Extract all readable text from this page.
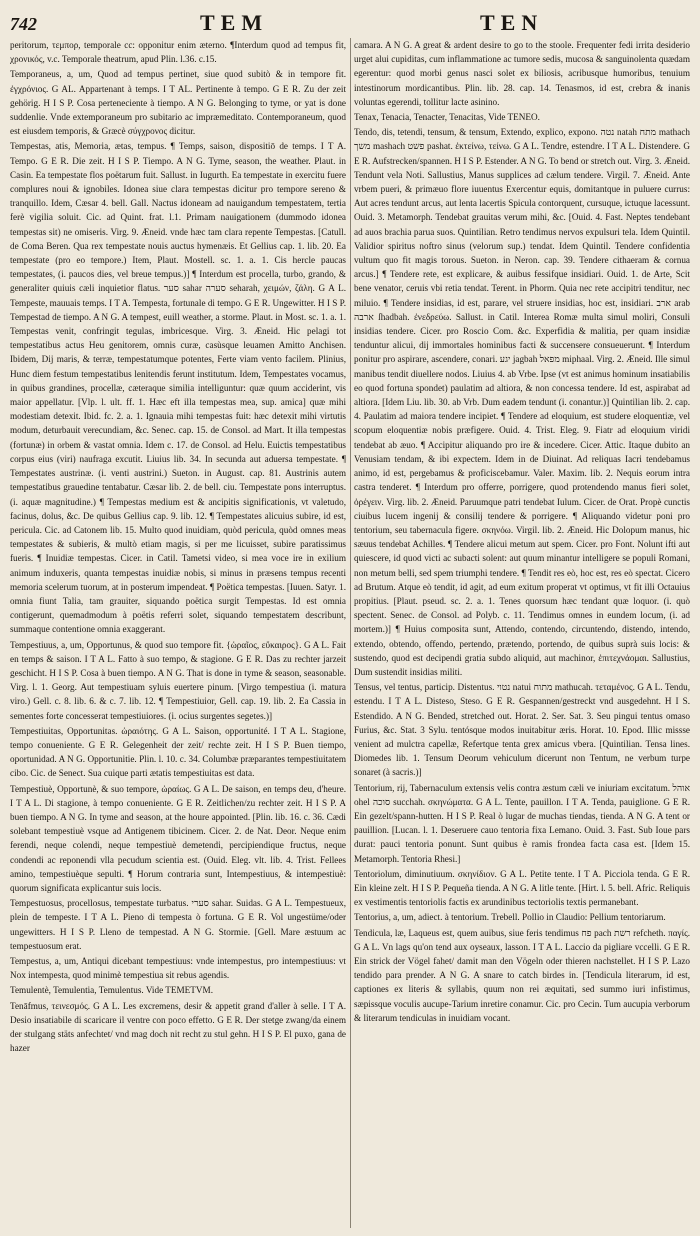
742	TEM	TEN

peritorum, τεμπορ, temporale cc: opponitur enim æterno. ¶Interdum quod ad tempus fit, χρονικός, v.c. Temporale theatrum, apud Plin. l.36. c.15.

Temporaneus, a, um, Quod ad tempus pertinet, siue quod subitò & in tempore fit. ἐγχρόνιος. G AL. Appartenant à temps. I T AL. Pertinente à tempo. G E R. Zu der zeit gehörig. H I S P. Cosa perteneciente à tiempo. A N G. Belonging to tyme, or yat is done suddenlie. Vnde extemporaneum pro subitario ac impræmeditato. Contemporaneum, quod est eiusdem temporis, & Græcè σύγχρονος dicitur.

Tempestas, atis, Memoria, ætas, tempus. ¶ Temps, saison, dispositiō de temps. I T A. Tempo. G E R. Die zeit. H I S P. Tiempo. A N G. Tyme, season, the weather. Plaut. in Casin. Ea tempestate flos poëtarum fuit. Sallust. in Iugurth. Ea tempestate in exercitu fuere complures noui & ignobiles. Idonea siue clara tempestas dicitur pro tempore sereno & tranquillo. Idem, Cæsar 4. bell. Gall. Nactus idoneam ad nauigandum tempestatem, tertia ferè vigilia soluit. Cic. ad Quint. frat. l.1. Primam nauigationem (dummodo idonea tempestas sit) ne omiseris. Virg. 9. Æneid. vnde hæc tam clara repente Tempestas. [Catull. de Coma Beren. Qua rex tempestate nouis auctus hymenæis. Et Gellius cap. 1. lib. 20. Ea tempestate (pro eo tempore.) Item, Plaut. Mostell. sc. 1. a. 1. Cis hercle paucas tempestates, (i. paucos dies, vel breue tempus.)] ¶ Interdum est procella, turbo, grando, & generaliter quiuis cæli inquietior flatus. סער sahar סערה seharah, χειμών, ζάλη. G A L. Tempeste, mauuais temps. I T A. Tempesta, fortunale di tempo. G E R. Ungewitter. H I S P. Tempestad de tiempo. A N G. A tempest, euill weather, a storme. Plaut. in Most. sc. 1. a. 1. Tempestas venit, confringit tegulas, imbricesque. Virg. 3. Æneid. Hic pelagi tot tempestatibus actus Heu genitorem, omnis curæ, casùsque leuamen Amitto Anchisen. Ibidem, Dij maris, & terræ, tempestatumque potentes, Ferte viam vento facilem. Plinius, Hunc diem festum tempestatibus lenitendis ferunt institutum. Idem, Tempestates vocamus, in quibus grandines, procellæ, cæteraque similia intelliguntur: quæ quum acciderint, vis maior appellatur. [Vlp. l. ult. ff. 1. Hæc eft illa tempestas mea, sup. amica] quæ mihi modestiam detexit. Ibid. fc. 2. a. 1. Ignauia mihi tempestas fuit: hæc detexit mihi virtutis modum, deturbauit verecundiam, &c. Senec. cap. 15. de Consol. ad Mart. It illa tempestas (fortunæ) in orbem & vastat omnia. Idem c. 17. de Consol. ad Helu. Euictis tempestatibus corpus eius (viri) naufraga excutit. Liuius lib. 34. In secunda aut aduersa tempestate. ¶ Tempestates austrinæ. (i. venti austrini.) Sueton. in August. cap. 81. Austrinis autem tempestatibus grauedine tentabatur. Cæsar lib. 2. de bell. ciu. Tempestate pons interruptus. (i. aquæ magnitudine.) ¶ Tempestas medium est & ancipitis significationis, vt valetudo, facinus, dolus, &c. De quibus Gellius cap. 9. lib. 12. ¶ Tempestates alicuius subire, id est, pericula. Cic. ad Catonem lib. 15. Multo quod inuidiam, quòd pericula, quòd omnes meas tempestates & subieris, & multò etiam magis, si per me licuisset, subire paratissimus fueris. ¶ Inuidiæ tempestas. Cicer. in Catil. Tametsi video, si mea voce ire in exilium animum induxeris, quanta tempestas inuidiæ nobis, si minus in præsens tempus recenti memoria scelerum tuorum, at in posterum impendeat. ¶ Poëtica tempestas. [Iuuen. Satyr. 1. omnia fiunt Talia, tam grauiter, siquando poëtica surgit Tempestas. Id est omnia contigerunt, quemadmodum à poëtis referri solet, siquando tempestatem describunt, summaque contentione omnia exaggerant.

Tempestiuus, a, um, Opportunus, & quod suo tempore fit. {ὡραῖος, εὔκαιρος}. G A L. Fait en temps & saison. I T A L. Fatto à suo tempo, & stagione. G E R. Das zu rechter jarzeit geschicht. H I S P. Cosa à buen tiempo. A N G. That is done in tyme & season, seasonable. Virg. l. 1. Georg. Aut tempestiuam syluis euertere pinum. [Virgo tempestiua (i. matura viro.) Gell. c. 8. lib. 6. & c. 7. lib. 12. ¶ Tempestiuior, Gell. cap. 19. lib. 2. Ea Cassia in sementes forte concesserat tempestiuiores. (i. ocius surgentes segetes.)]

Tempestiuitas, Opportunitas. ὡραιότης. G A L. Saison, opportunité. I T A L. Stagione, tempo conueniente. G E R. Gelegenheit der zeit/ rechte zeit. H I S P. Buen tiempo, oportunidad. A N G. Opportunitie. Plin. l. 10. c. 34. Columbæ præparantes tempestiuitatem cibo. Cic. de Senect. Sua cuique parti ætatis tempestiuitas est data.

Tempestiuè, Opportunè, & suo tempore, ὡραίως. G A L. De saison, en temps deu, d'heure. I T A L. Di stagione, à tempo conueniente. G E R. Zeitlichen/zu rechter zeit. H I S P. A buen tiempo. A N G. In tyme and season, at the houre appointed. [Plin. lib. 16. c. 36. Cædi solebant tempestiuè vsque ad Antigenem tibicinem. Cicer. 2. de Nat. Deor. Neque enim ferendi, neque colendi, neque tempestiuè demetendi, percipiendique fructus, neque condendi ac reponendi vlla pecudum scientia est. (Ouid. Eleg. vlt. lib. 4. Trist. Fellees amino, tempestiuèque sepulti. ¶ Horum contraria sunt, Intempestiuus, & intempestiuè: quorum significata explicantur suis locis.

Tempestuosus, procellosus, tempestate turbatus. סערי sahar. Suidas. G A L. Tempestueux, plein de tempeste. I T A L. Pieno di tempesta ò fortuna. G E R. Vol ungestüme/oder ungewitters. H I S P. Lleno de tempestad. A N G. Stormie. [Gell. Mare æstuum ac tempestuosum erat.

Tempestus, a, um, Antiqui dicebant tempestiuus: vnde intempestus, pro intempestiuus: vt Nox intempesta, quod minimè tempestiua sit rebus agendis.

Temulentè, Temulentia, Temulentus. Vide TEMETVM.

Tenāfmus, τεινεσμός. G A L. Les excremens, desir & appetit grand d'aller à selle. I T A. Desio insatiabile di scaricare il ventre con poco effetto. G E R. Der stetge zwang/da einem der stulgang stäts anfechtet/ vnd mag doch nit recht zu stul gehn. H I S P. El puxo, gana de hazer

camara. A N G. A great & ardent desire to go to the stoole. Frequenter fedi irrita desiderio urget alui cupiditas, cum inflammatione ac tumore sedis, mucosa & sanguinolenta quædam egerentur: quod morbi genus nasci solet ex biliosis, acribusque humoribus, tenuium intestinorum mordicantibus. Plin. lib. 28. cap. 14. Tenasmos, id est, crebra & inanis voluntas egerendi, tollitur lacte asinino.

Tenax, Tenacia, Tenacter, Tenacitas, Vide TENEO.

Tendo, dis, tetendi, tensum, & tensum, Extendo, explico, expono. נטה natah מתח mathach משך mashach פשט pashat. ἐκτείνω, τείνω. G A L. Tendre, estendre. I T A L. Distendere. G E R. Aufstrecken/spannen. H I S P. Estender. A N G. To bend or stretch out. Virg. 3. Æneid. Tendunt vela Noti. Sallustius, Manus supplices ad cælum tendere. Virgil. 7. Æneid. Ante vrbem pueri, & primæuo flore iuuentus Exercentur equis, domitantque in puluere currus: Aut acres tendunt arcus, aut lenta lacertis Spicula contorquent, cursuque, ictuque lacessunt. Ouid. 3. Metamorph. Tendebat grauitas verum mihi, &c. [Ouid. 4. Fast. Neptes tendebant ad auos brachia parua suos. Quintilian. Retro tendimus nervos expulsuri tela. Idem Quintil. Validior spiritus noftro sinus (velorum sup.) tendat. Idem Quintil. Tendere confidentia vultum quo fit magis torous. Sueton. in Neron. cap. 39. Tendere cithaeram & cornua arcus.] ¶ Tendere rete, est explicare, & auibus fessifque insidiari. Ouid. 1. de Arte, Scit bene venator, ceruis vbi retia tendat. Terent. in Phorm. Quia nec rete accipitri tenditur, nec miluio. ¶ Tendere insidias, id est, parare, vel struere insidias, hoc est, insidiari. ארב arab ארבה ſhadbah. ἐνεδρεύω. Sallust. in Catil. Interea Romæ multa simul moliri, Consuli insidias tendere. Cicer. pro Roscio Com. &c. Experfidia & malitia, per quam insidiæ tenduntur alicui, dij immortales hominibus facti & succensere consueuerunt. ¶ Interdum ponitur pro aspirare, ascendere, conari. יגע jagbah מפאל miphaal. Virg. 2. Æneid. Ille simul manibus tendit diuellere nodos. Liuius 4. ab Vrbe. Ipse (vt est animus hominum insatiabilis eo quod fortuna spondet) paulatim ad altiora, & non concessa tendere. Id est, aspirabat ad altiora. [Idem Liu. lib. 30. ab Vrb. Dum eadem tendunt (i. conantur.)] Quintilian lib. 2. cap. 4. Paulatim ad maiora tendere incipiet. ¶ Tendere ad eloquium, est studere eloquentiæ, vel scopum eloquentiæ nobis præfigere. Ouid. 4. Trist. Eleg. 9. Fiatr ad eloquium viridi tendebat ab æuo. ¶ Accipitur aliquando pro ire & incedere. Cicer. Attic. Itaque dubito an Venusiam tendam, & ibi expectem. Idem in de Diuinat. Ad reliquas Iacri tendebamus animo, id est, pergebamus & proficiscebamur. Valer. Maxim. lib. 2. Nequis eorum intra castra tenderet. ¶ Interdum pro offerre, porrigere, quod protendendo manus fieri solet, ὀρέγειν. Virg. lib. 2. Æneid. Paruumque patri tendebat Iulum. Cicer. de Orat. Propè cunctis ciuibus lucem ingenij & consilij tendere & porrigere. ¶ Aliquando videtur poni pro tentorium, seu tabernacula figere. σκηνόω. Virgil. lib. 2. Æneid. Hic Dolopum manus, hic sæuus tendebat Achilles. ¶ Tendere alicui metum aut spem. Cicer. pro Font. Nolunt ifti aut quiescere, id quod victi ac subacti solent: aut quum minantur intelligere se populi Romani, non metum belli, sed spem triumphi tendere. ¶ Tendit res eò, hoc est, res eò spectat. Cicero ad Brutum. Atque eò tendit, id agit, ad eum exitum properat vt optimus, vt fit illi Octauius propitius. [Plaut. pseud. sc. 2. a. 1. Tenes quorsum hæc tendant quæ loquor. (i. quò spectent. Senec. de Consol. ad Polyb. c. 11. Tendimus omnes in eundem locum, (i. ad mortem.)] ¶ Huius composita sunt, Attendo, contendo, circuntendo, distendo, intendo, extendo, obtendo, offendo, pertendo, prætendo, portendo, de quibus suprà suis locis: & sustendo, quod est decipendi gratia subdo aliquid, aut machinor, ἐπιτεχνάομαι. Sallustius, Dum sustendit insidias militi.

Tensus, vel tentus, particip. Distentus. נטוי natui מתוח mathucah. τεταμένος. G A L. Tendu, estendu. I T A L. Disteso, Steso. G E R. Gespannen/gestreckt vnd ausgedehnt. H I S. Estendido. A N G. Bended, stretched out. Horat. 2. Ser. Sat. 3. Seu pingui tentus omaso Furius, &c. Stat. 3 Sylu. tentósque modos inuitabitur æris. Horat. 10. Epod. Illic missse venient ad mulctra capellæ, Refertque tenta grex amicus vbera. [Quintilian. Tensa lines. Diomedes lib. 1. Tensum Deorum vehiculum dicerunt non Tentum, ne verbum turpe sonaret (à sacris.)]

Tentorium, rij, Tabernaculum extensis velis contra æstum cæli ve iniuriam excitatum. אוהל ohel סוכה succhah. σκηνώματα. G A L. Tente, pauillon. I T A. Tenda, pauiglione. G E R. Ein gezelt/spann-hutten. H I S P. Real ò lugar de muchas tiendas, tienda. A N G. A tent or pauillion. [Lucan. l. 1. Deseruere cauo tentoria fixa Lemano. Ouid. 3. Fast. Sub Ioue pars durat: pauci tentoria ponunt. Sunt quibus è ramis frondea facta casa est. [Idem 15. Metamorph. Tentoria Rhesi.]

Tentoriolum, diminutiuum. σκηνίδιον. G A L. Petite tente. I T A. Picciola tenda. G E R. Ein kleine zelt. H I S P. Pequeña tienda. A N G. A litle tente. [Hirt. l. 5. bell. Afric. Reliquis ex vestimentis tentoriolis factis ex arundinibus tectoriolis textis permanebant.

Tentorius, a, um, adiect. à tentorium. Trebell. Pollio in Claudio: Pellium tentoriarum.

Tendicula, læ, Laqueus est, quem auibus, siue feris tendimus פח pach רשת refcheth. παγίς. G A L. Vn lags qu'on tend aux oyseaux, lasson. I T A L. Laccio da pigliare vccelli. G E R. Ein strick der Vögel fahet/ damit man den Vögeln oder thieren nachstellet. H I S P. Lazo tendido para prender. A N G. A snare to catch birdes in. [Tendicula literarum, id est, captiones ex literis & syllabis, quum non rei æquitati, sed summo iuri infistimus, sæpissque voculis aucupe-Tarium inretire conamur. Cic. pro Cecin. Tum aucupia verborum & literarum tendiculas in inuidiam vocant.
